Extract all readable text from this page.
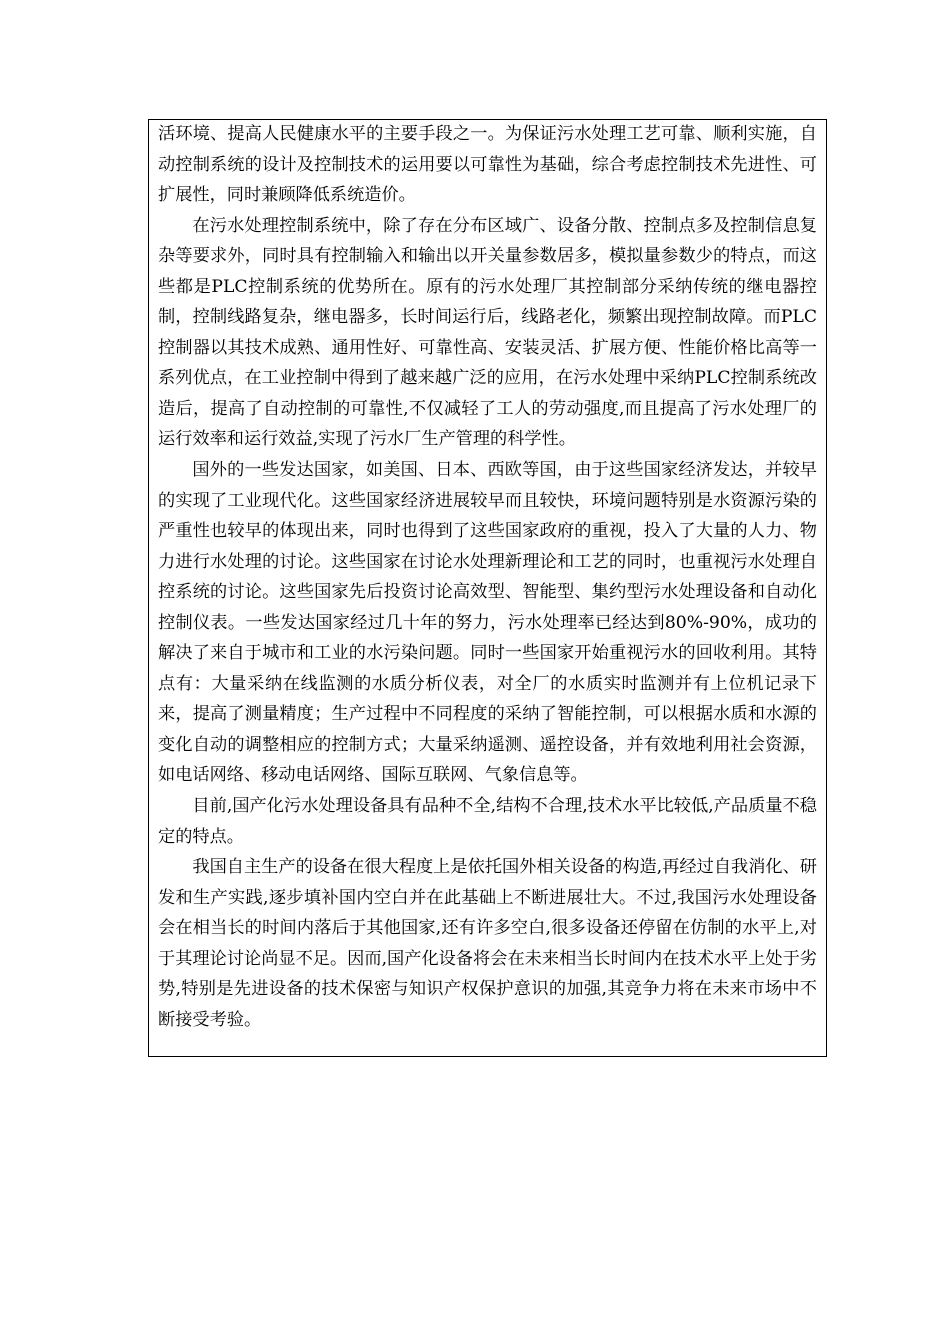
活环境、提高人民健康水平的主要手段之一。为保证污水处理工艺可靠、顺利实施，自动控制系统的设计及控制技术的运用要以可靠性为基础，综合考虑控制技术先进性、可扩展性，同时兼顾降低系统造价。

在污水处理控制系统中，除了存在分布区域广、设备分散、控制点多及控制信息复杂等要求外，同时具有控制输入和输出以开关量参数居多，模拟量参数少的特点，而这些都是PLC控制系统的优势所在。原有的污水处理厂其控制部分采纳传统的继电器控制，控制线路复杂，继电器多，长时间运行后，线路老化，频繁出现控制故障。而PLC控制器以其技术成熟、通用性好、可靠性高、安装灵活、扩展方便、性能价格比高等一系列优点，在工业控制中得到了越来越广泛的应用，在污水处理中采纳PLC控制系统改造后，提高了自动控制的可靠性,不仅减轻了工人的劳动强度,而且提高了污水处理厂的运行效率和运行效益,实现了污水厂生产管理的科学性。

国外的一些发达国家，如美国、日本、西欧等国，由于这些国家经济发达，并较早的实现了工业现代化。这些国家经济进展较早而且较快，环境问题特别是水资源污染的严重性也较早的体现出来，同时也得到了这些国家政府的重视，投入了大量的人力、物力进行水处理的讨论。这些国家在讨论水处理新理论和工艺的同时，也重视污水处理自控系统的讨论。这些国家先后投资讨论高效型、智能型、集约型污水处理设备和自动化控制仪表。一些发达国家经过几十年的努力，污水处理率已经达到80%-90%，成功的解决了来自于城市和工业的水污染问题。同时一些国家开始重视污水的回收利用。其特点有：大量采纳在线监测的水质分析仪表，对全厂的水质实时监测并有上位机记录下来，提高了测量精度；生产过程中不同程度的采纳了智能控制，可以根据水质和水源的变化自动的调整相应的控制方式；大量采纳遥测、遥控设备，并有效地利用社会资源，如电话网络、移动电话网络、国际互联网、气象信息等。

目前,国产化污水处理设备具有品种不全,结构不合理,技术水平比较低,产品质量不稳定的特点。

我国自主生产的设备在很大程度上是依托国外相关设备的构造,再经过自我消化、研发和生产实践,逐步填补国内空白并在此基础上不断进展壮大。不过,我国污水处理设备会在相当长的时间内落后于其他国家,还有许多空白,很多设备还停留在仿制的水平上,对于其理论讨论尚显不足。因而,国产化设备将会在未来相当长时间内在技术水平上处于劣势,特别是先进设备的技术保密与知识产权保护意识的加强,其竞争力将在未来市场中不断接受考验。
